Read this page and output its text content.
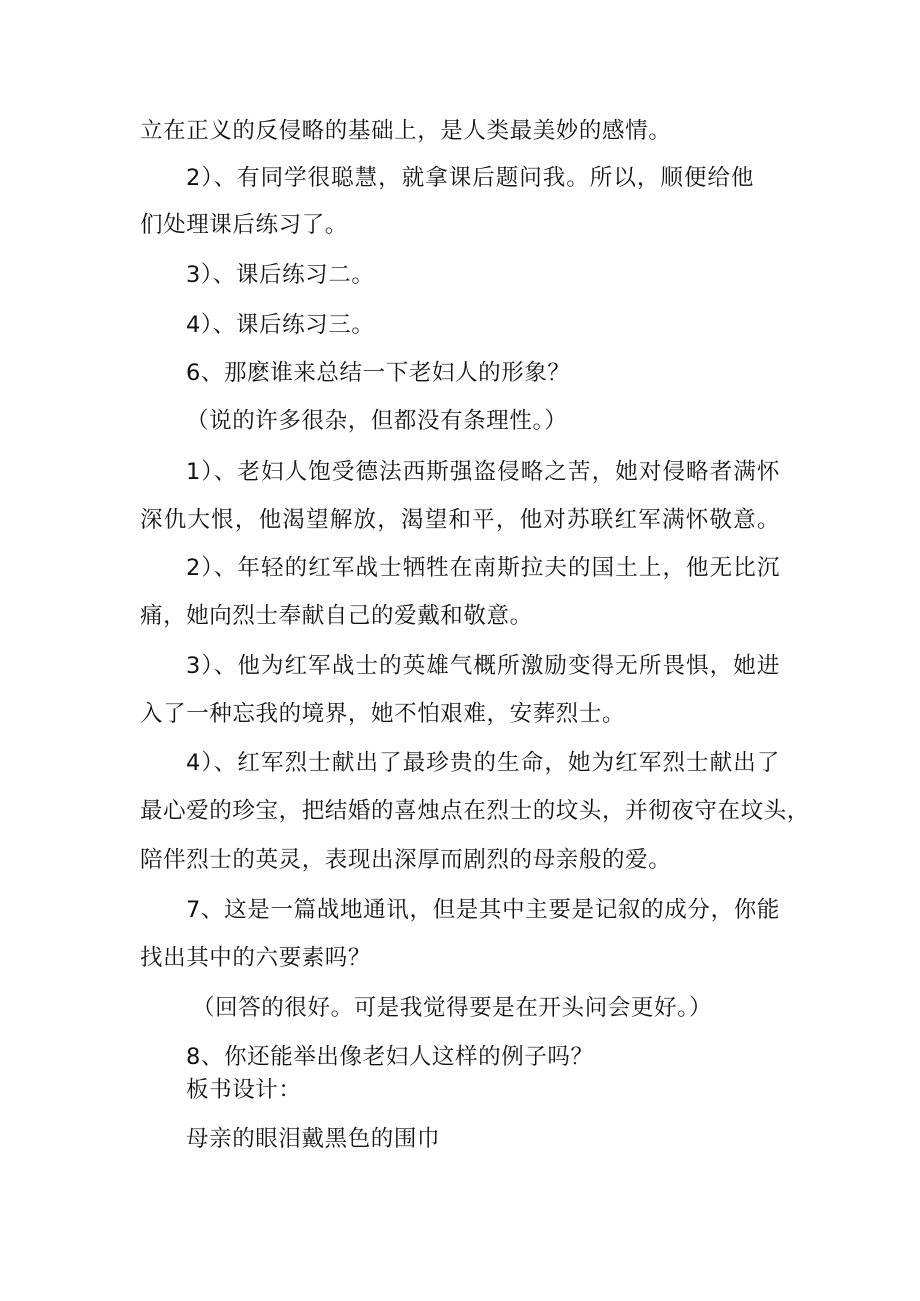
立在正义的反侵略的基础上，是人类最美妙的感情。
2）、有同学很聪慧，就拿课后题问我。所以，顺便给他
们处理课后练习了。
3）、课后练习二。
4）、课后练习三。
6、那麽谁来总结一下老妇人的形象？
（说的许多很杂，但都没有条理性。）
1）、老妇人饱受德法西斯强盗侵略之苦，她对侵略者满怀
深仇大恨，他渴望解放，渴望和平，他对苏联红军满怀敬意。
2）、年轻的红军战士牺牲在南斯拉夫的国土上，他无比沉
痛，她向烈士奉献自己的爱戴和敬意。
3）、他为红军战士的英雄气概所激励变得无所畏惧，她进
入了一种忘我的境界，她不怕艰难，安葬烈士。
4）、红军烈士献出了最珍贵的生命，她为红军烈士献出了
最心爱的珍宝，把结婚的喜烛点在烈士的坟头，并彻夜守在坟头，
陪伴烈士的英灵，表现出深厚而剧烈的母亲般的爱。
7、这是一篇战地通讯，但是其中主要是记叙的成分，你能
找出其中的六要素吗？
（回答的很好。可是我觉得要是在开头问会更好。）
8、你还能举出像老妇人这样的例子吗？
板书设计：
母亲的眼泪戴黑色的围巾
